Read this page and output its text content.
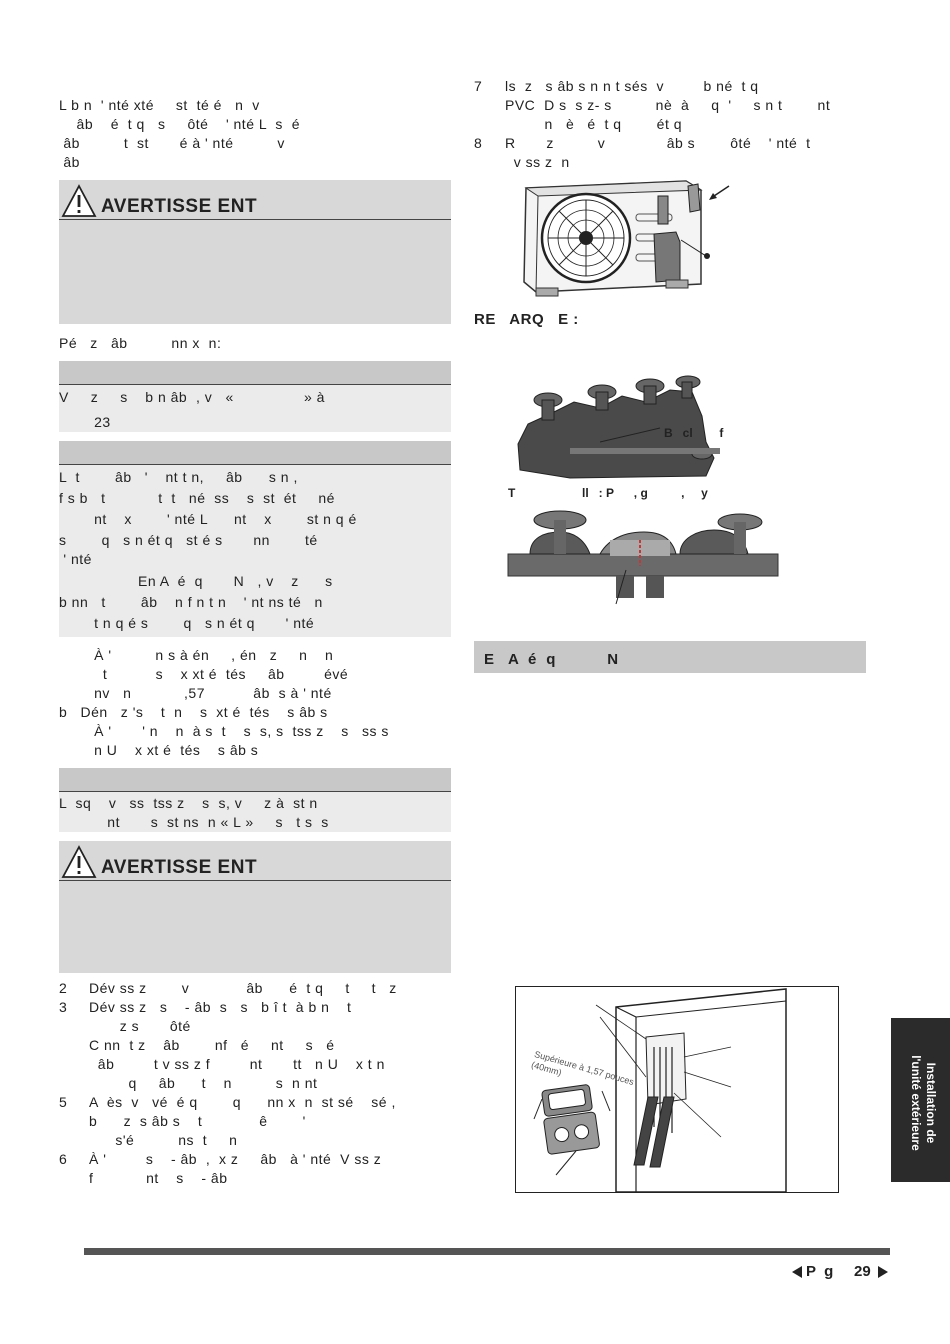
L b n  ' nté xté     st  té é   n  v
âb    é  t q   s     ôté    ' nté L  s  é
âb          t  st       é à ' nté          v
âb
AVERTISSE ENT
Pé   z   âb          nn x  n:
V     z     s    b n âb  , v   «                » à
23
L  t        âb   '    nt t n,     âb      s n ,
f s b   t            t  t   né  ss    s  st  ét     né
nt    x        ' nté L      nt    x        st n q é
s        q   s n ét q   st é s       nn        té
' nté
En A  é  q       N   , v    z      s
b nn   t        âb    n f n t n    ' nt ns té   n
t n q é s        q   s n ét q       ' nté
À '          n s à én     , én   z     n    n
t           s    x xt é  tés     âb         évé
nv   n            ,57           âb  s à ' nté
b   Dén   z 's    t  n    s  xt é  tés    s âb s
À '       ' n    n  à s  t    s  s, s  tss z    s   ss s
n U    x xt é  tés    s âb s
L  sq    v   ss  tss z    s  s, v     z à  st n
nt       s  st ns  n « L »     s   t s  s
AVERTISSE ENT
2 Dév ss z        v             âb      é  t q     t     t   z
3 Dév ss z   s    - âb  s   s   b î t  à b n    t
z s       ôté
C nn  t z    âb        nf   é     nt     s   é
âb         t v ss z f         nt       tt   n U    x t n
q     âb      t    n          s  n nt
5 A  ès  v   vé  é q        q      nn x  n  st sé    sé ,
b      z  s âb s    t             ê        '
s'é          ns  t     n
6 À '         s    - âb  ,  x z     âb   à ' nté  V ss z
f            nt    s    - âb
7 ls  z   s âb s n n t sés  v         b né  t q
PVC  D s  s z- s          nè  à     q  '     s n t        nt
n   è   é  t q        ét q
8 R       z          v              âb s        ôté    ' nté  t
v ss z  n
RE   ARQ   E :
B   cl        f
T                    ll   : P      , g          ,     y
E   A  é  q           N
Supérieure à 1,57 pouces (40mm)	Installation de
l'unité extérieure
P  g 29
